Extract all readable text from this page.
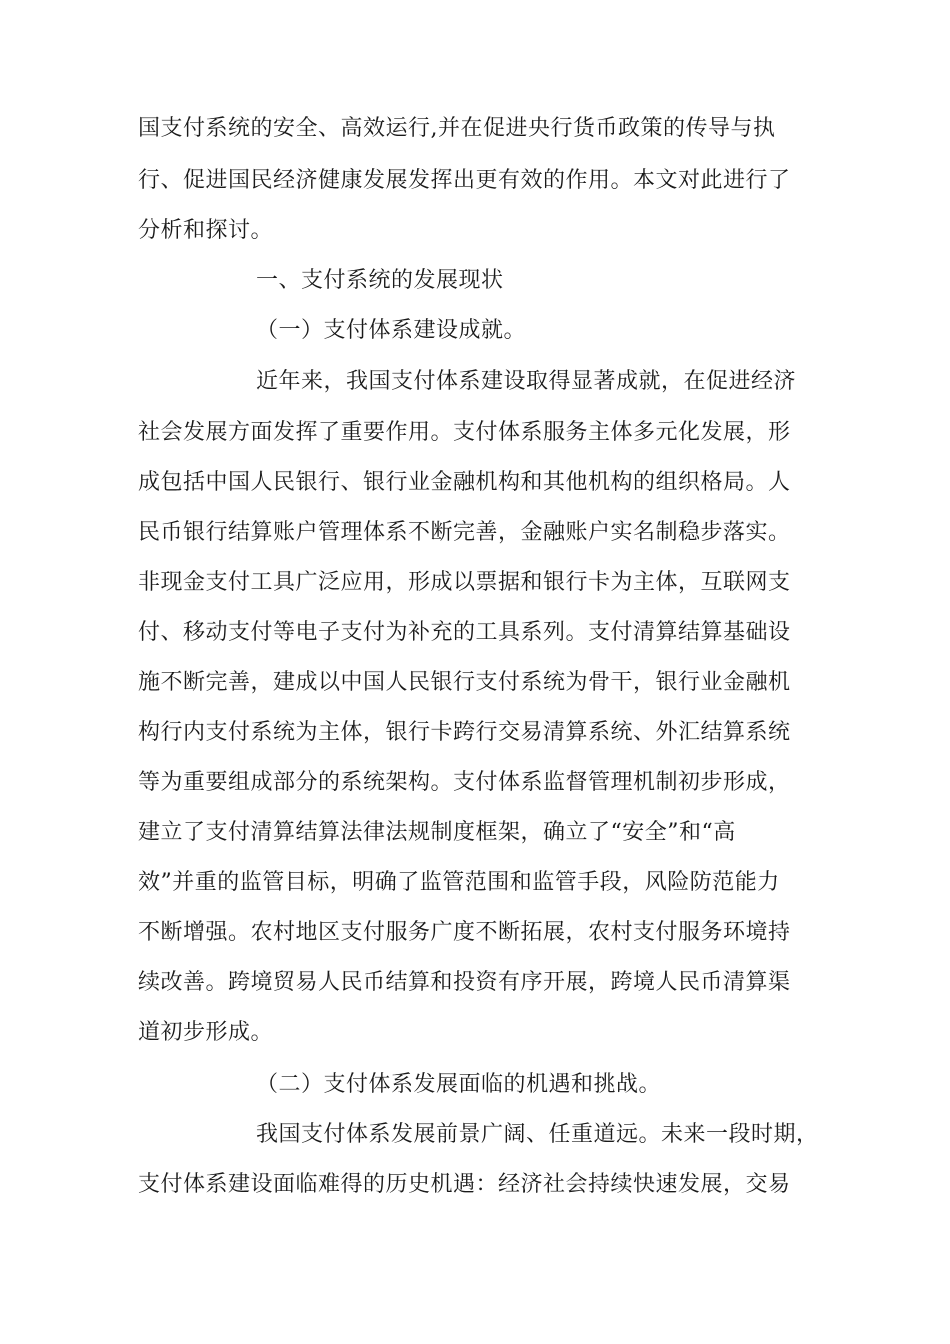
国支付系统的安全、高效运行,并在促进央行货币政策的传导与执
行、促进国民经济健康发展发挥出更有效的作用。本文对此进行了
分析和探讨。
一、支付系统的发展现状
（一）支付体系建设成就。
近年来，我国支付体系建设取得显著成就，在促进经济
社会发展方面发挥了重要作用。支付体系服务主体多元化发展，形
成包括中国人民银行、银行业金融机构和其他机构的组织格局。人
民币银行结算账户管理体系不断完善，金融账户实名制稳步落实。
非现金支付工具广泛应用，形成以票据和银行卡为主体，互联网支
付、移动支付等电子支付为补充的工具系列。支付清算结算基础设
施不断完善，建成以中国人民银行支付系统为骨干，银行业金融机
构行内支付系统为主体，银行卡跨行交易清算系统、外汇结算系统
等为重要组成部分的系统架构。支付体系监督管理机制初步形成，
建立了支付清算结算法律法规制度框架，确立了“安全”和“高
效”并重的监管目标，明确了监管范围和监管手段，风险防范能力
不断增强。农村地区支付服务广度不断拓展，农村支付服务环境持
续改善。跨境贸易人民币结算和投资有序开展，跨境人民币清算渠
道初步形成。
（二）支付体系发展面临的机遇和挑战。
我国支付体系发展前景广阔、任重道远。未来一段时期，
支付体系建设面临难得的历史机遇：经济社会持续快速发展，交易
